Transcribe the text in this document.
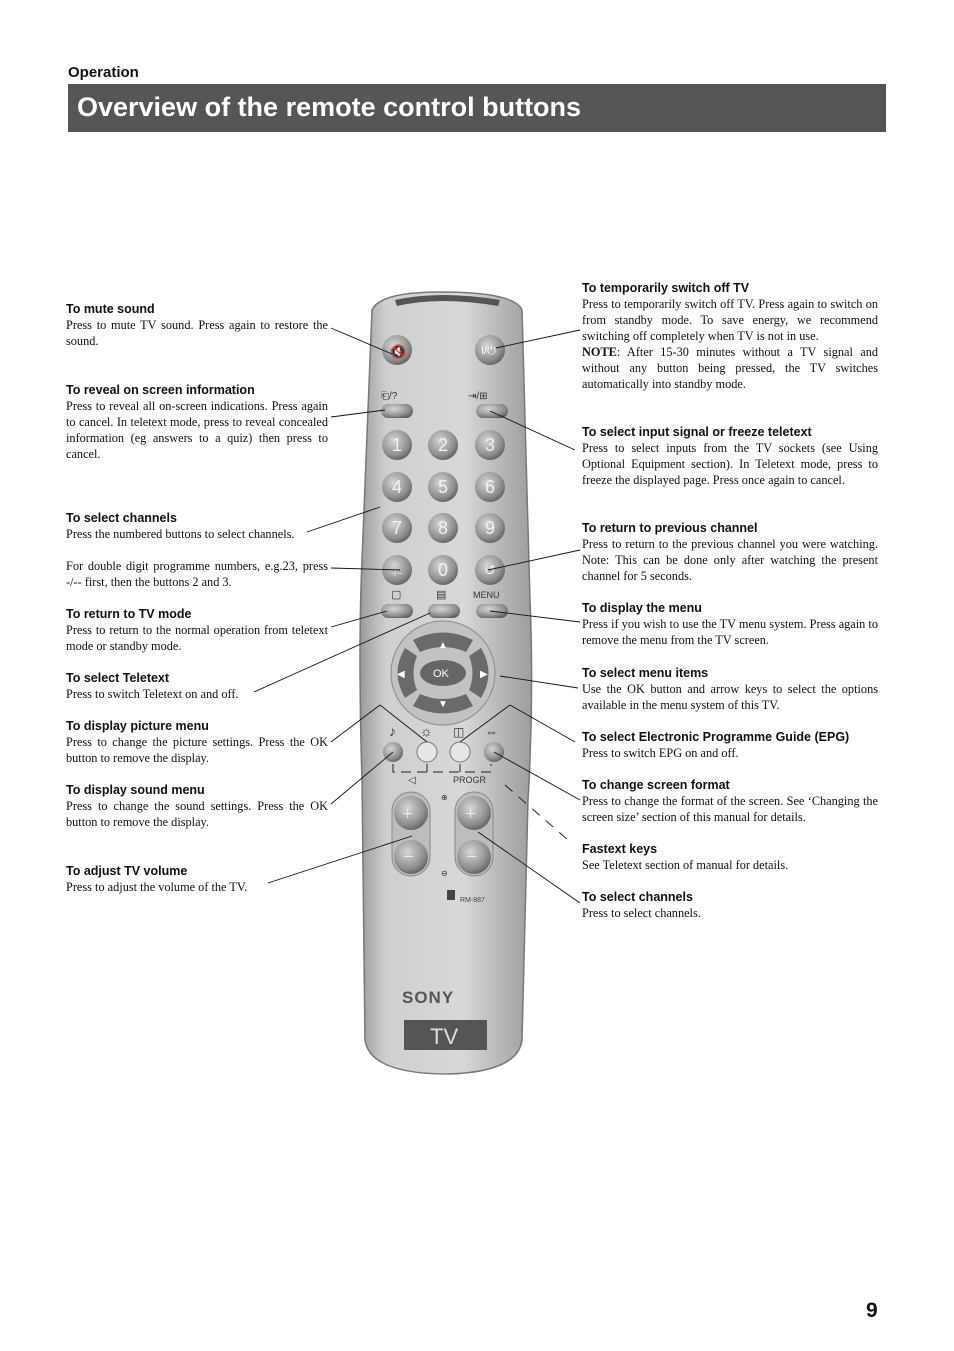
Operation
Overview of the remote control buttons
🔇	I/⏻
⎗/?	⇥/⊞
1 2 3
4 5 6
7 8 9
-/-- 0	↺
▢	▤	MENU
▲
▼
◀	▶
OK
♪ ☼ ◫ ⇔
◁	PROGR
+
−
⊕
+
−
⊖
RM-887
SONY
TV
To mute sound

Press to mute TV sound. Press again to restore the sound.

To reveal on screen information

Press to reveal all on-screen indications. Press again to cancel. In teletext mode, press to reveal concealed information (eg answers to a quiz) then press to cancel.

To select channels

Press the numbered buttons to select channels.

For double digit programme numbers, e.g.23, press -/-- first, then the buttons 2 and 3.

To return to TV mode

Press to return to the normal operation from teletext mode or standby mode.

To select Teletext

Press to switch Teletext on and off.

To display picture menu

Press to change the picture settings. Press the OK button to remove the display.

To display sound menu

Press to change the sound settings. Press the OK button to remove the display.

To adjust TV volume

Press to adjust the volume of the TV.

To temporarily switch off TV

Press to temporarily switch off TV. Press again to switch on from standby mode. To save energy, we recommend switching off completely when TV is not in use.

NOTE: After 15-30 minutes without a TV signal and without any button being pressed, the TV switches automatically into standby mode.

To select input signal or freeze teletext

Press to select inputs from the TV sockets (see Using Optional Equipment section). In Teletext mode, press to freeze the displayed page. Press once again to cancel.

To return to previous channel

Press to return to the previous channel you were watching. Note: This can be done only after watching the present channel for 5 seconds.

To display the menu

Press if you wish to use the TV menu system. Press again to remove the menu from the TV screen.

To select menu items

Use the OK button and arrow keys to select the options available in the menu system of this TV.

To select Electronic Programme Guide (EPG)

Press to switch EPG on and off.

To change screen format

Press to change the format of the screen. See ‘Changing the screen size’ section of this manual for details.

Fastext keys

See Teletext section of manual for details.

To select channels

Press to select channels.

9
